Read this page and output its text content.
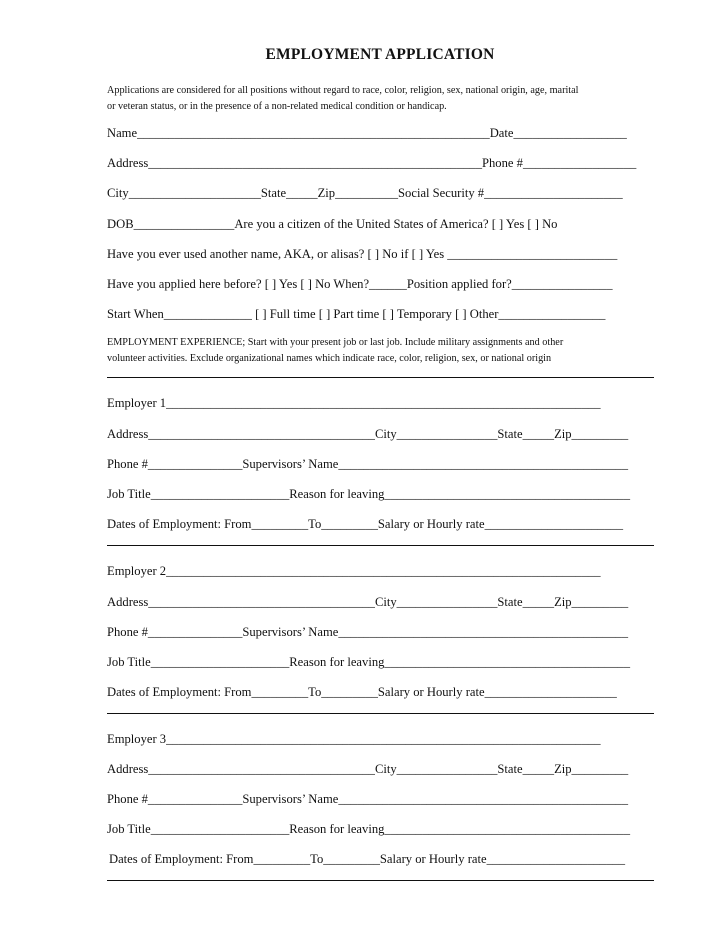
EMPLOYMENT APPLICATION
Applications are considered for all positions without regard to race, color, religion, sex, national origin, age, marital
or veteran status, or in the presence of a non-related medical condition or handicap.
Name________________________________________________________Date__________________
Address_____________________________________________________Phone #__________________
City_____________________State_____Zip__________Social Security #______________________
DOB________________Are you a citizen of the United States of America? [ ] Yes [ ] No
Have you ever used another name, AKA, or alisas? [ ] No if [ ] Yes ___________________________
Have you applied here before? [ ] Yes [ ] No When?______Position applied for?________________
Start When______________ [ ] Full time [ ] Part time [ ] Temporary [ ] Other_________________
EMPLOYMENT EXPERIENCE; Start with your present job or last job. Include military assignments and other
volunteer activities. Exclude organizational names which indicate race, color, religion, sex, or national origin
Employer 1_____________________________________________________________________
Address____________________________________City________________State_____Zip_________
Phone #_______________Supervisors’ Name______________________________________________
Job Title______________________Reason for leaving_______________________________________
Dates of Employment: From_________To_________Salary or Hourly rate______________________
Employer 2_____________________________________________________________________
Address____________________________________City________________State_____Zip_________
Phone #_______________Supervisors’ Name______________________________________________
Job Title______________________Reason for leaving_______________________________________
Dates of Employment: From_________To_________Salary or Hourly rate_____________________
Employer 3_____________________________________________________________________
Address____________________________________City________________State_____Zip_________
Phone #_______________Supervisors’ Name______________________________________________
Job Title______________________Reason for leaving_______________________________________
Dates of Employment: From_________To_________Salary or Hourly rate______________________
